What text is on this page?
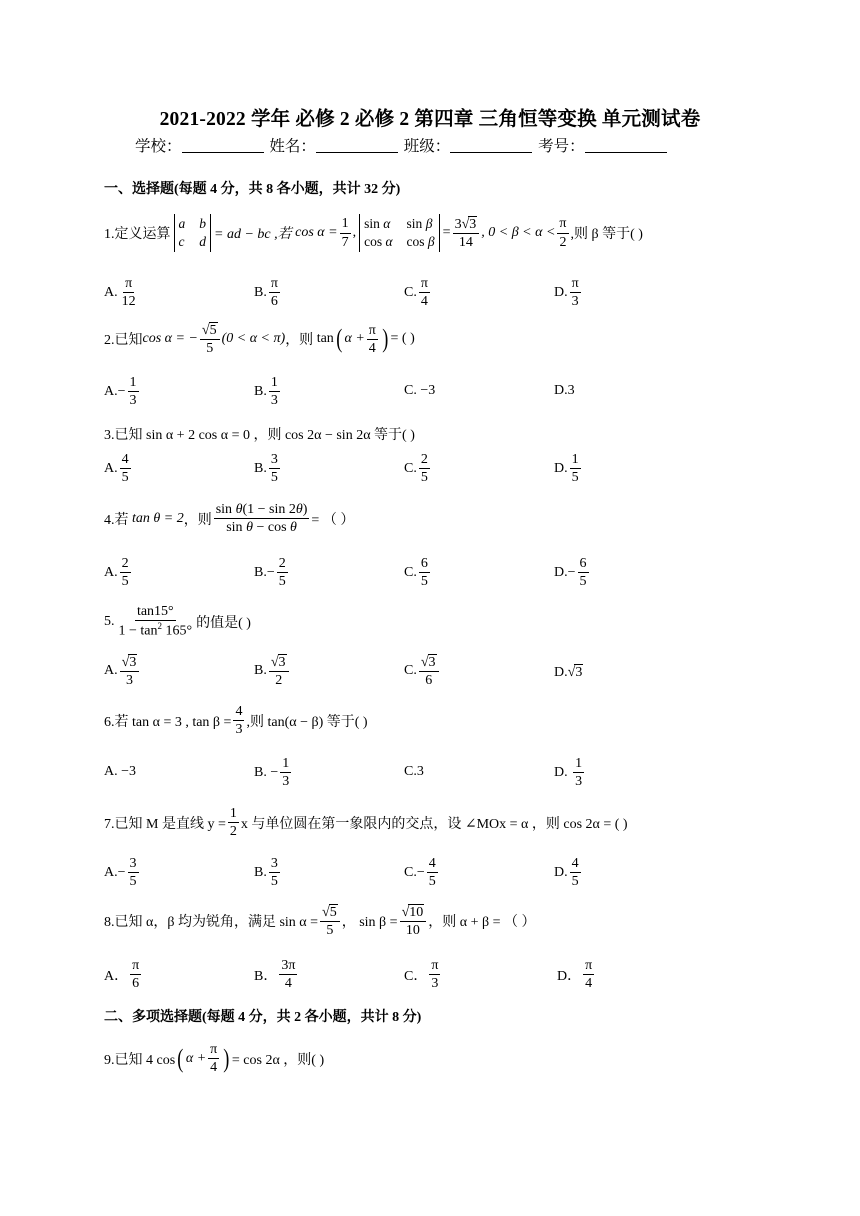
2021-2022 学年 必修 2 必修 2 第四章 三角恒等变换 单元测试卷
学校：	姓名：	班级：	考号：
一、选择题(每题 4 分，共 8 各小题，共计 32 分)
1.定义运算
a b
c d = ad − bc ,若 $\cos \alpha = \frac{1}{7}$ ,
sin α sin β
cos α cos β
= $\frac{3 √ 3}{14}$ , $0 < \beta < \alpha < \frac{\pi}{2}$ ,则 β 等于( )
A. $\frac{\pi}{12}$	B. $\frac{\pi}{6}$	C. $\frac{\pi}{4}$	D. $\frac{\pi}{3}$
2.已知 cos α = − √ $\frac{5}{5} (0 < \alpha < \pi)$ ，则 tan ( $\alpha + \frac{\pi}{4}$ ) = ( )
A. − $\frac{1}{3}$	B. $\frac{1}{3}$	C. −3	D.3
3.已知 sin α + 2 cos α = 0 ，则 cos 2α − sin 2α 等于( )
A. $\frac{4}{5}$	B. $\frac{3}{5}$	C. $\frac{2}{5}$	D. $\frac{1}{5}$
4.若 tan θ = 2 ，则 $\frac{\text{sin θ(1 − sin 2θ)}}{\text{sin θ − cos θ}}$ = （ ）
A. $\frac{2}{5}$	B. − $\frac{2}{5}$	C. $\frac{6}{5}$	D. − $\frac{6}{5}$
5. $\frac{\tan 15^\circ}{1 - \tan^2 165^\circ}$ 的值是( )
A. √ $\frac{3}{3}$	B. √ $\frac{3}{2}$	C. √ $\frac{3}{6}$	D. √ 3
6.若 tan α = 3 , $\tan \beta = \frac{4}{3}$ ,则 tan(α − β) 等于( )
A. −3	B. − $\frac{1}{3}$	C.3	D.
$\frac{1}{3}$
7.已知 M 是直线 $y = \frac{1}{2}$ x 与单位圆在第一象限内的交点，设 ∠MOx = α ，则 cos 2α = ( )
A. − $\frac{3}{5}$	B. $\frac{3}{5}$	C. − $\frac{4}{5}$	D. $\frac{4}{5}$
8.已知 α，β 均为锐角，满足 sin α = √ $\frac{5}{5}$ ， sin β = √ $\frac{10}{10}$ ，则 α + β = （ ）
A． $\frac{\pi}{6}$	B． $\frac{3\pi}{4}$	C． $\frac{\pi}{3}$	D． $\frac{\pi}{4}$
二、多项选择题(每题 4 分，共 2 各小题，共计 8 分)
9.已知 4 cos ( $\alpha + \frac{\pi}{4}$ ) = cos 2α ，则( )
